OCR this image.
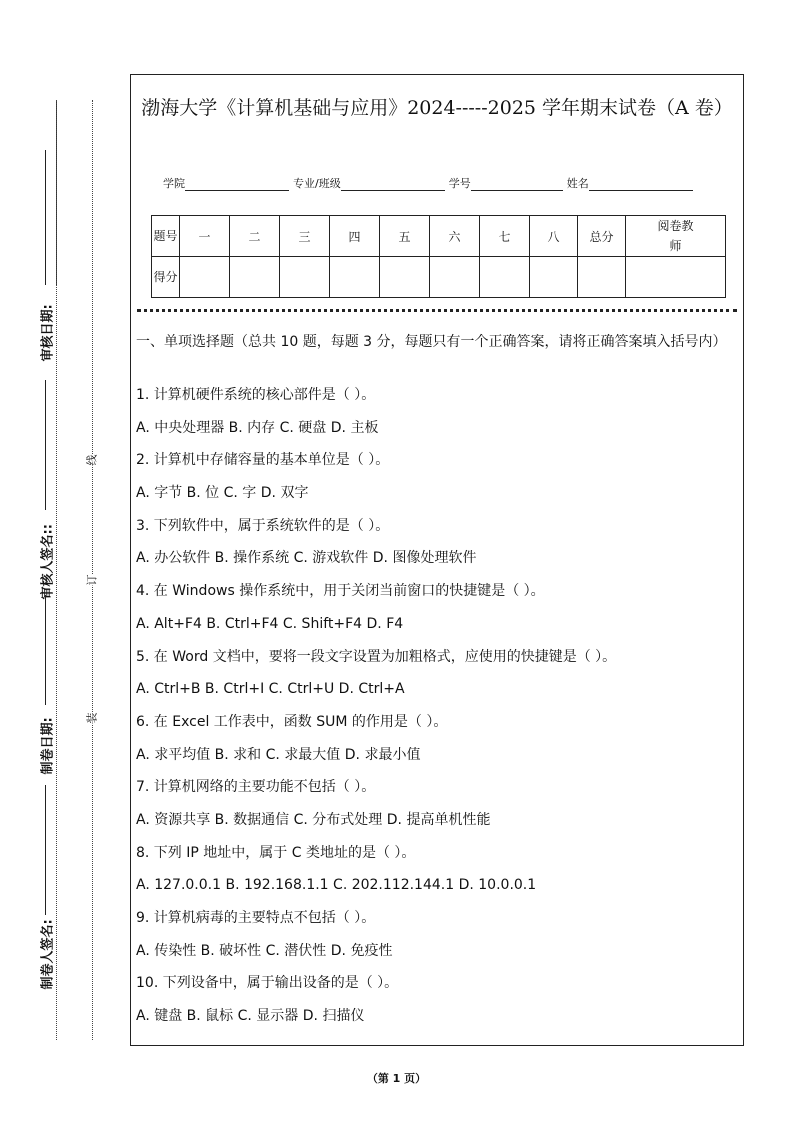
审核日期:
审核人签名::
制卷日期:
制卷人签名:
线
订
装
渤海大学《计算机基础与应用》2024-----2025 学年期末试卷（A 卷）
学院	专业/班级	学号	姓名
题号	一	二	三	四	五	六	七	八	总分	阅卷教师
得分										
一、单项选择题（总共 10 题，每题 3 分，每题只有一个正确答案，请将正确答案填入括号内）
1. 计算机硬件系统的核心部件是（ ）。
A. 中央处理器 B. 内存 C. 硬盘 D. 主板
2. 计算机中存储容量的基本单位是（ ）。
A. 字节 B. 位 C. 字 D. 双字
3. 下列软件中，属于系统软件的是（ ）。
A. 办公软件 B. 操作系统 C. 游戏软件 D. 图像处理软件
4. 在 Windows 操作系统中，用于关闭当前窗口的快捷键是（ ）。
A. Alt+F4 B. Ctrl+F4 C. Shift+F4 D. F4
5. 在 Word 文档中，要将一段文字设置为加粗格式，应使用的快捷键是（ ）。
A. Ctrl+B B. Ctrl+I C. Ctrl+U D. Ctrl+A
6. 在 Excel 工作表中，函数 SUM 的作用是（ ）。
A. 求平均值 B. 求和 C. 求最大值 D. 求最小值
7. 计算机网络的主要功能不包括（ ）。
A. 资源共享 B. 数据通信 C. 分布式处理 D. 提高单机性能
8. 下列 IP 地址中，属于 C 类地址的是（ ）。
A. 127.0.0.1 B. 192.168.1.1 C. 202.112.144.1 D. 10.0.0.1
9. 计算机病毒的主要特点不包括（ ）。
A. 传染性 B. 破坏性 C. 潜伏性 D. 免疫性
10. 下列设备中，属于输出设备的是（ ）。
A. 键盘 B. 鼠标 C. 显示器 D. 扫描仪
（第 1 页）
